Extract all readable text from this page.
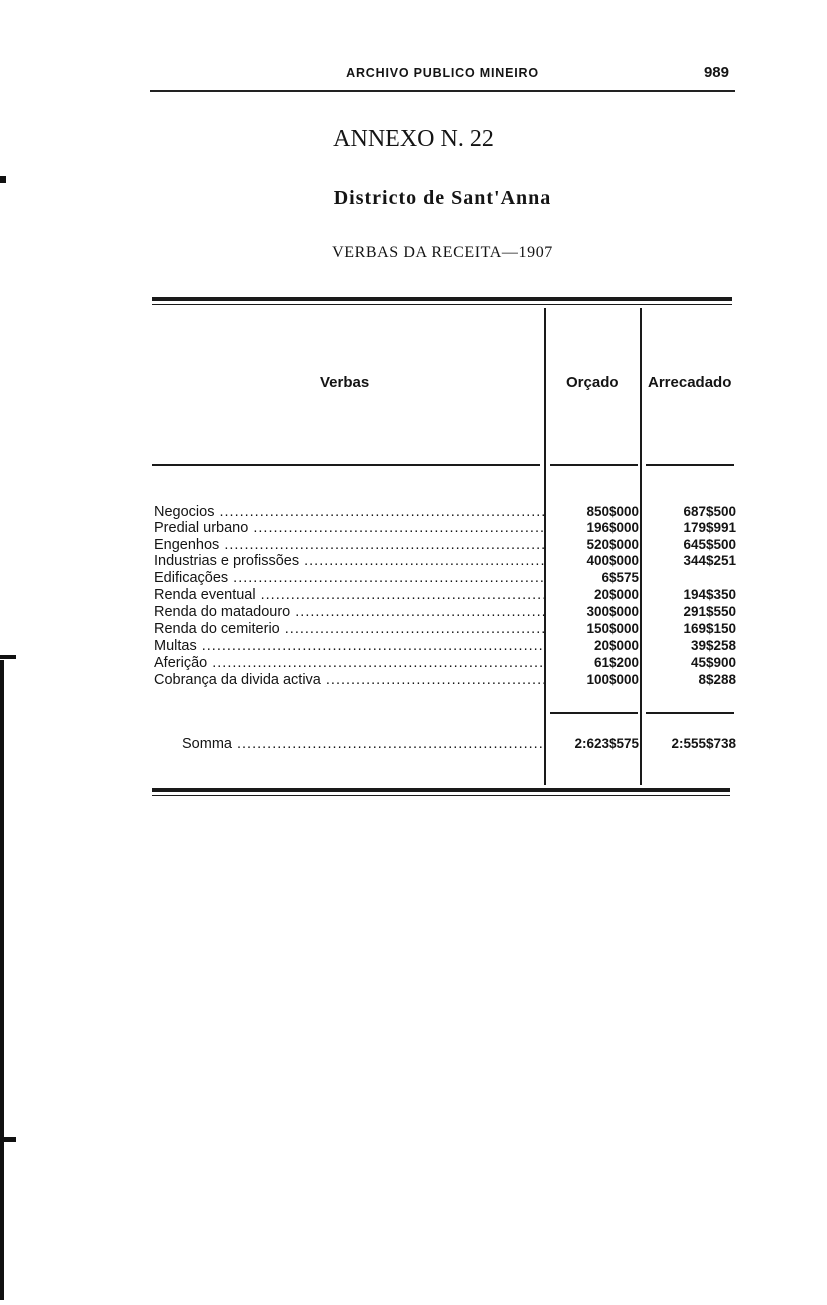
ARCHIVO PUBLICO MINEIRO	989
ANNEXO N. 22
Districto de Sant'Anna
VERBAS DA RECEITA—1907
Verbas	Orçado Arrecadado
Negocios .....	850$000	687$500
Predial urbano .....	196$000	179$991
Engenhos .....	520$000	645$500
Industrias e profissões .....	400$000	344$251
Edificações .....	6$575
Renda eventual .....	20$000	194$350
Renda do matadouro .....	300$000	291$550
Renda do cemiterio .....	150$000	169$150
Multas .....	20$000	39$258
Aferição .....	61$200	45$900
Cobrança da divida activa .....	100$000	8$288
Somma .....	2:623$575	2:555$738
